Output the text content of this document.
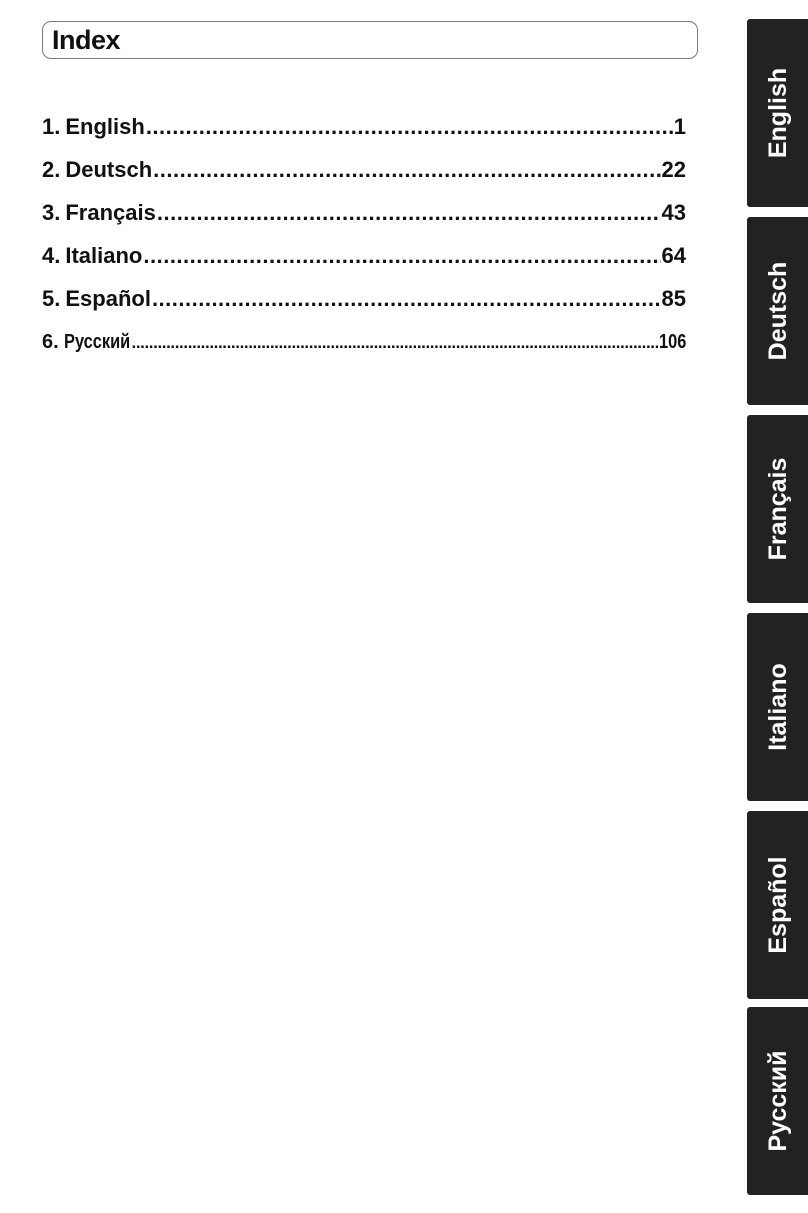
Index
1. English .....	1
2. Deutsch .....	22
3. Français .....	43
4. Italiano .....	64
5. Español .....	85
6. Русский .....	106
English
Deutsch
Français
Italiano
Español
Русский
